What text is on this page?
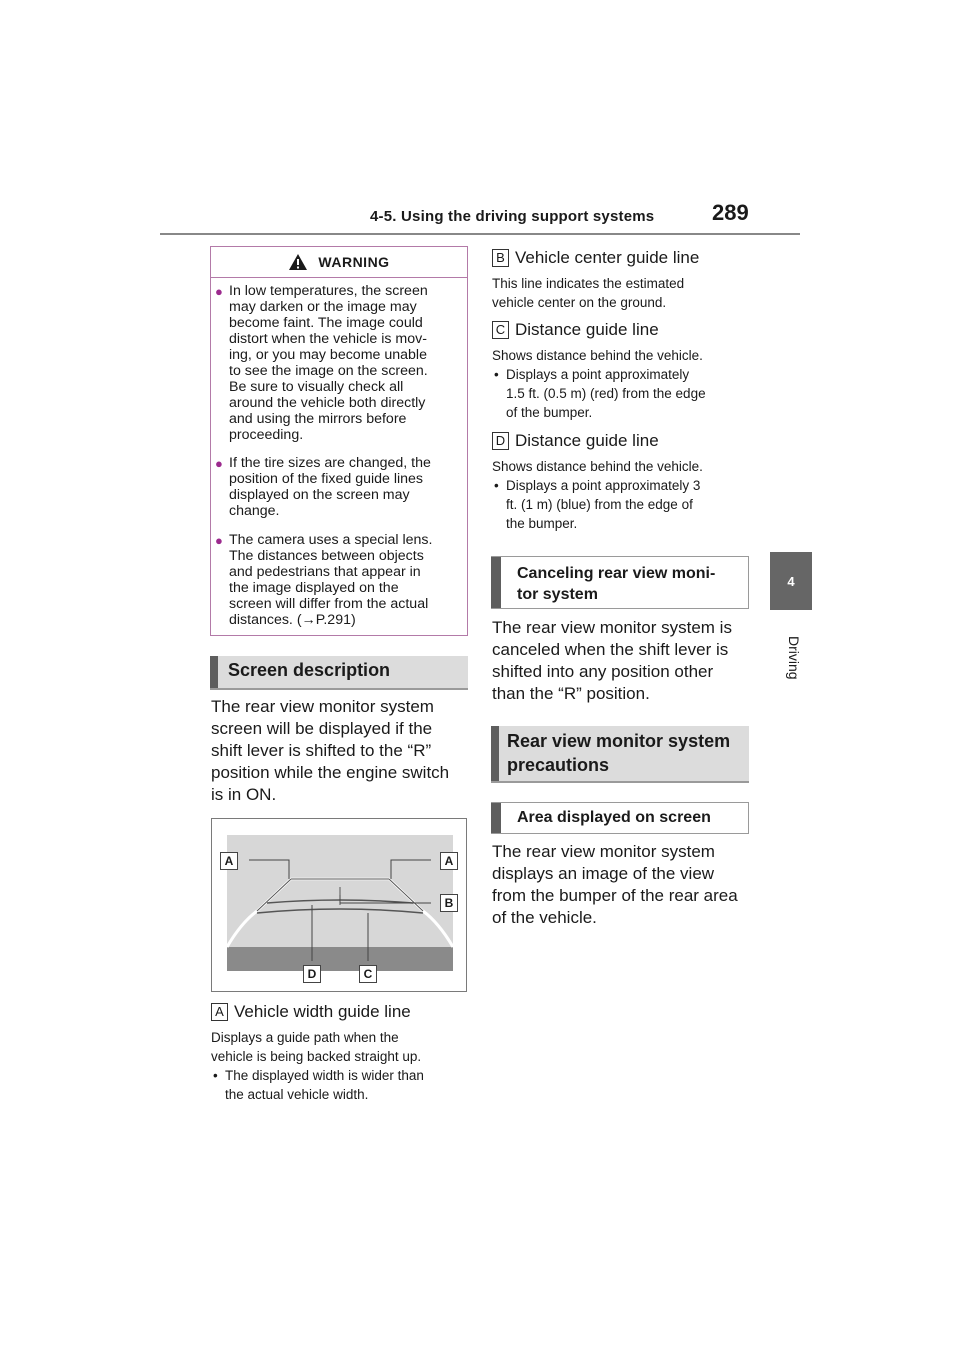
4-5. Using the driving support systems	289
4
Driving
WARNING
● In low temperatures, the screen
may darken or the image may
become faint. The image could
distort when the vehicle is mov-
ing, or you may become unable
to see the image on the screen.
Be sure to visually check all
around the vehicle both directly
and using the mirrors before
proceeding.
● If the tire sizes are changed, the
position of the fixed guide lines
displayed on the screen may
change.
● The camera uses a special lens.
The distances between objects
and pedestrians that appear in
the image displayed on the
screen will differ from the actual
distances. (→P.291)
Screen description
The rear view monitor system
screen will be displayed if the
shift lever is shifted to the “R”
position while the engine switch
is in ON.
A	A
B
D	C
A Vehicle width guide line
Displays a guide path when the
vehicle is being backed straight up.
• The displayed width is wider than
the actual vehicle width.
B Vehicle center guide line
This line indicates the estimated
vehicle center on the ground.
C Distance guide line
Shows distance behind the vehicle.
• Displays a point approximately
1.5 ft. (0.5 m) (red) from the edge
of the bumper.
D Distance guide line
Shows distance behind the vehicle.
• Displays a point approximately 3
ft. (1 m) (blue) from the edge of
the bumper.
Canceling rear view moni-
tor system
The rear view monitor system is
canceled when the shift lever is
shifted into any position other
than the “R” position.
Rear view monitor system
precautions
Area displayed on screen
The rear view monitor system
displays an image of the view
from the bumper of the rear area
of the vehicle.
